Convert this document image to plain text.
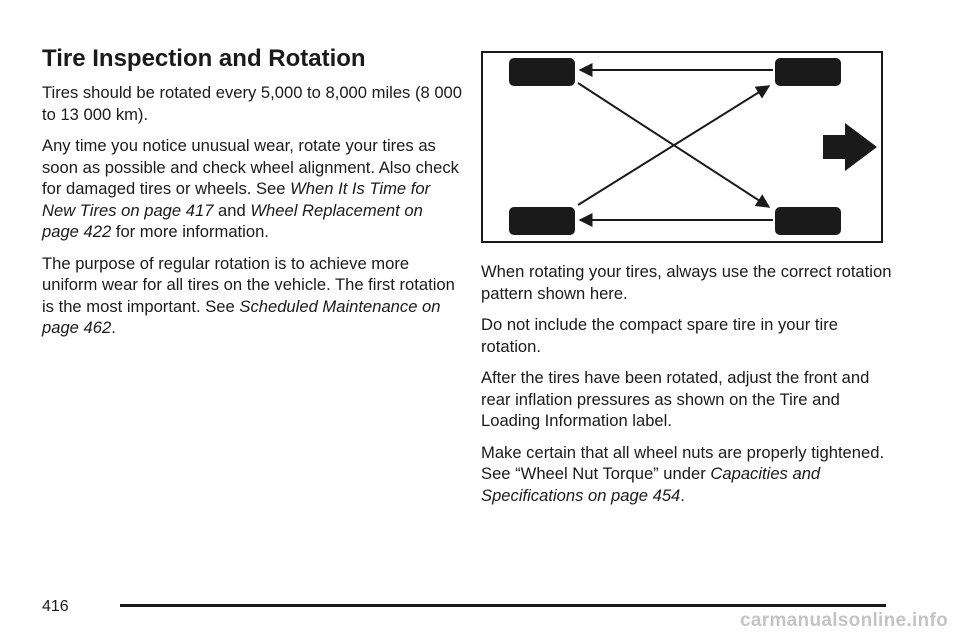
Tire Inspection and Rotation

Tires should be rotated every 5,000 to 8,000 miles (8 000 to 13 000 km).

Any time you notice unusual wear, rotate your tires as soon as possible and check wheel alignment. Also check for damaged tires or wheels. See When It Is Time for New Tires on page 417 and Wheel Replacement on page 422 for more information.

The purpose of regular rotation is to achieve more uniform wear for all tires on the vehicle. The first rotation is the most important. See Scheduled Maintenance on page 462.

When rotating your tires, always use the correct rotation pattern shown here.

Do not include the compact spare tire in your tire rotation.

After the tires have been rotated, adjust the front and rear inflation pressures as shown on the Tire and Loading Information label.

Make certain that all wheel nuts are properly tightened. See “Wheel Nut Torque” under Capacities and Specifications on page 454.

416
carmanualsonline.info
